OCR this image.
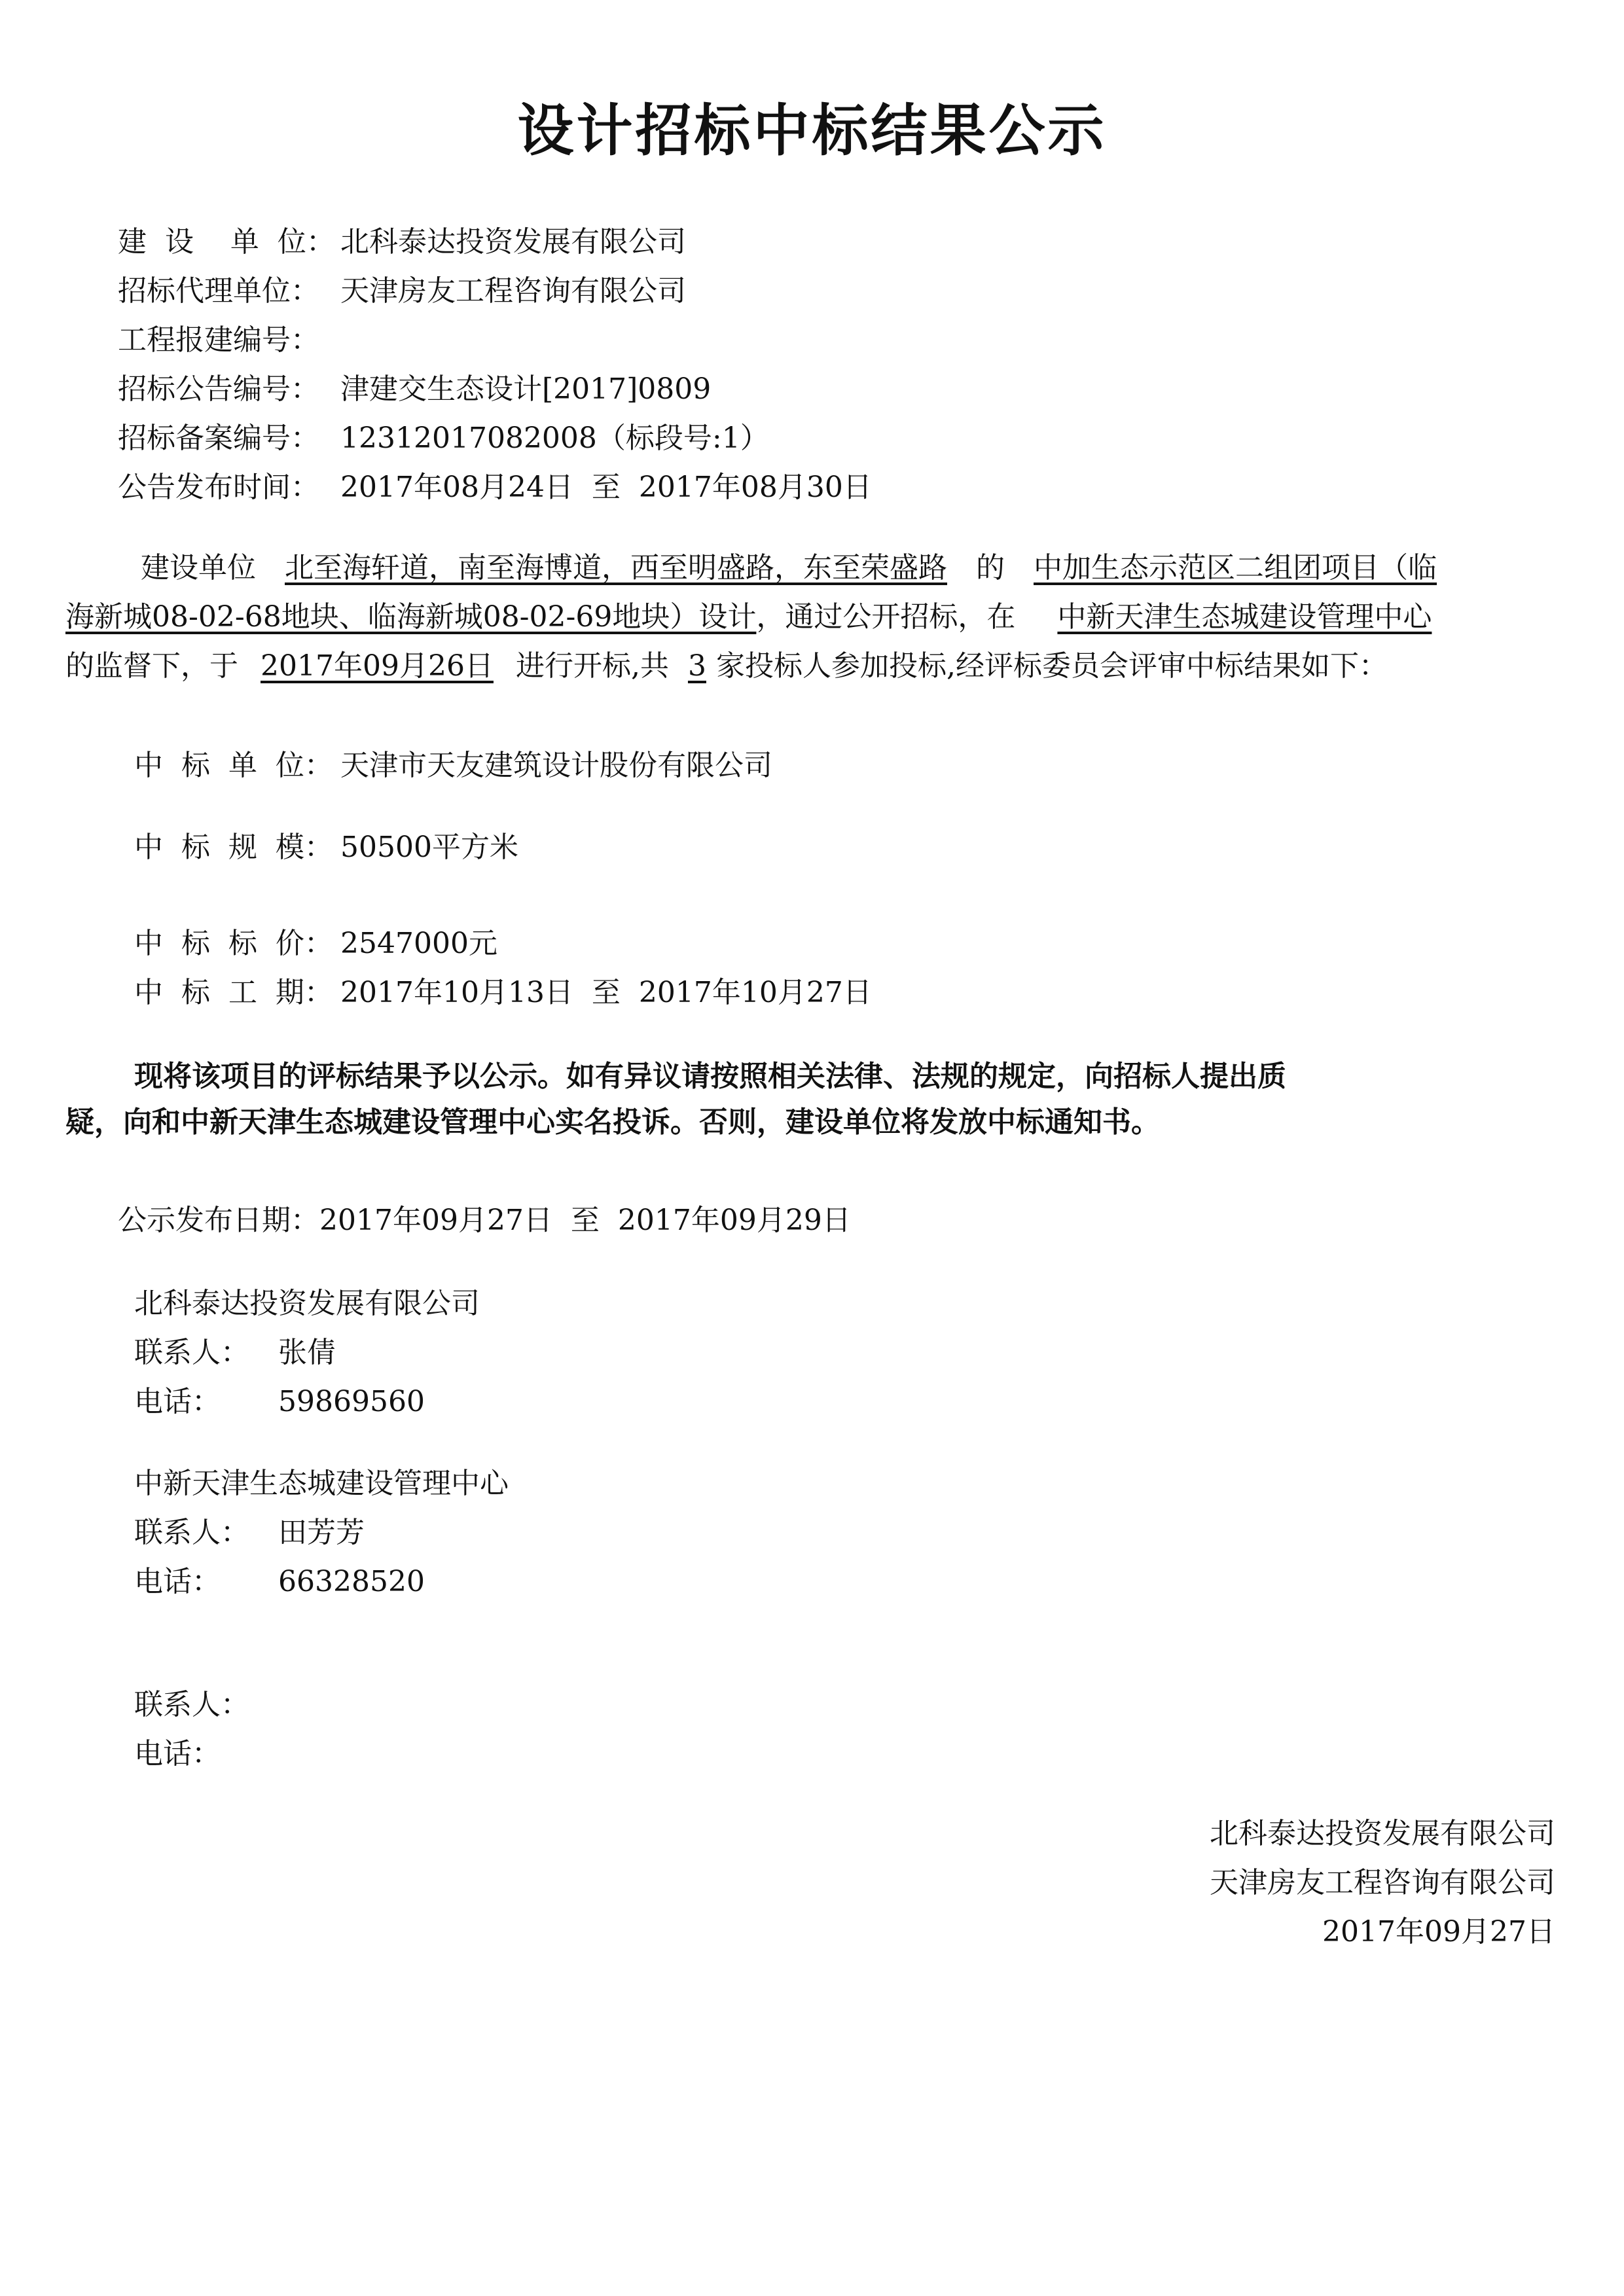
设计招标中标结果公示
建  设    单  位： 北科泰达投资发展有限公司
招标代理单位： 天津房友工程咨询有限公司
工程报建编号：
招标公告编号： 津建交生态设计[2017]0809
招标备案编号： 12312017082008（标段号:1）
公告发布时间： 2017年08月24日  至  2017年08月30日
建设单位 北至海轩道，南至海博道，西至明盛路，东至荣盛路 的 中加生态示范区二组团项目（临
海新城08-02-68地块、临海新城08-02-69地块）设计，通过公开招标，在 中新天津生态城建设管理中心
的监督下，于 2017年09月26日 进行开标,共 3 家投标人参加投标,经评标委员会评审中标结果如下：
中  标  单  位： 天津市天友建筑设计股份有限公司
中  标  规  模： 50500平方米
中  标  标  价： 2547000元
中  标  工  期： 2017年10月13日  至  2017年10月27日
现将该项目的评标结果予以公示。如有异议请按照相关法律、法规的规定，向招标人提出质
疑，向和中新天津生态城建设管理中心实名投诉。否则，建设单位将发放中标通知书。
公示发布日期：2017年09月27日  至  2017年09月29日
北科泰达投资发展有限公司
联系人： 张倩
电话： 59869560
中新天津生态城建设管理中心
联系人： 田芳芳
电话： 66328520
联系人：
电话：
北科泰达投资发展有限公司
天津房友工程咨询有限公司
2017年09月27日
